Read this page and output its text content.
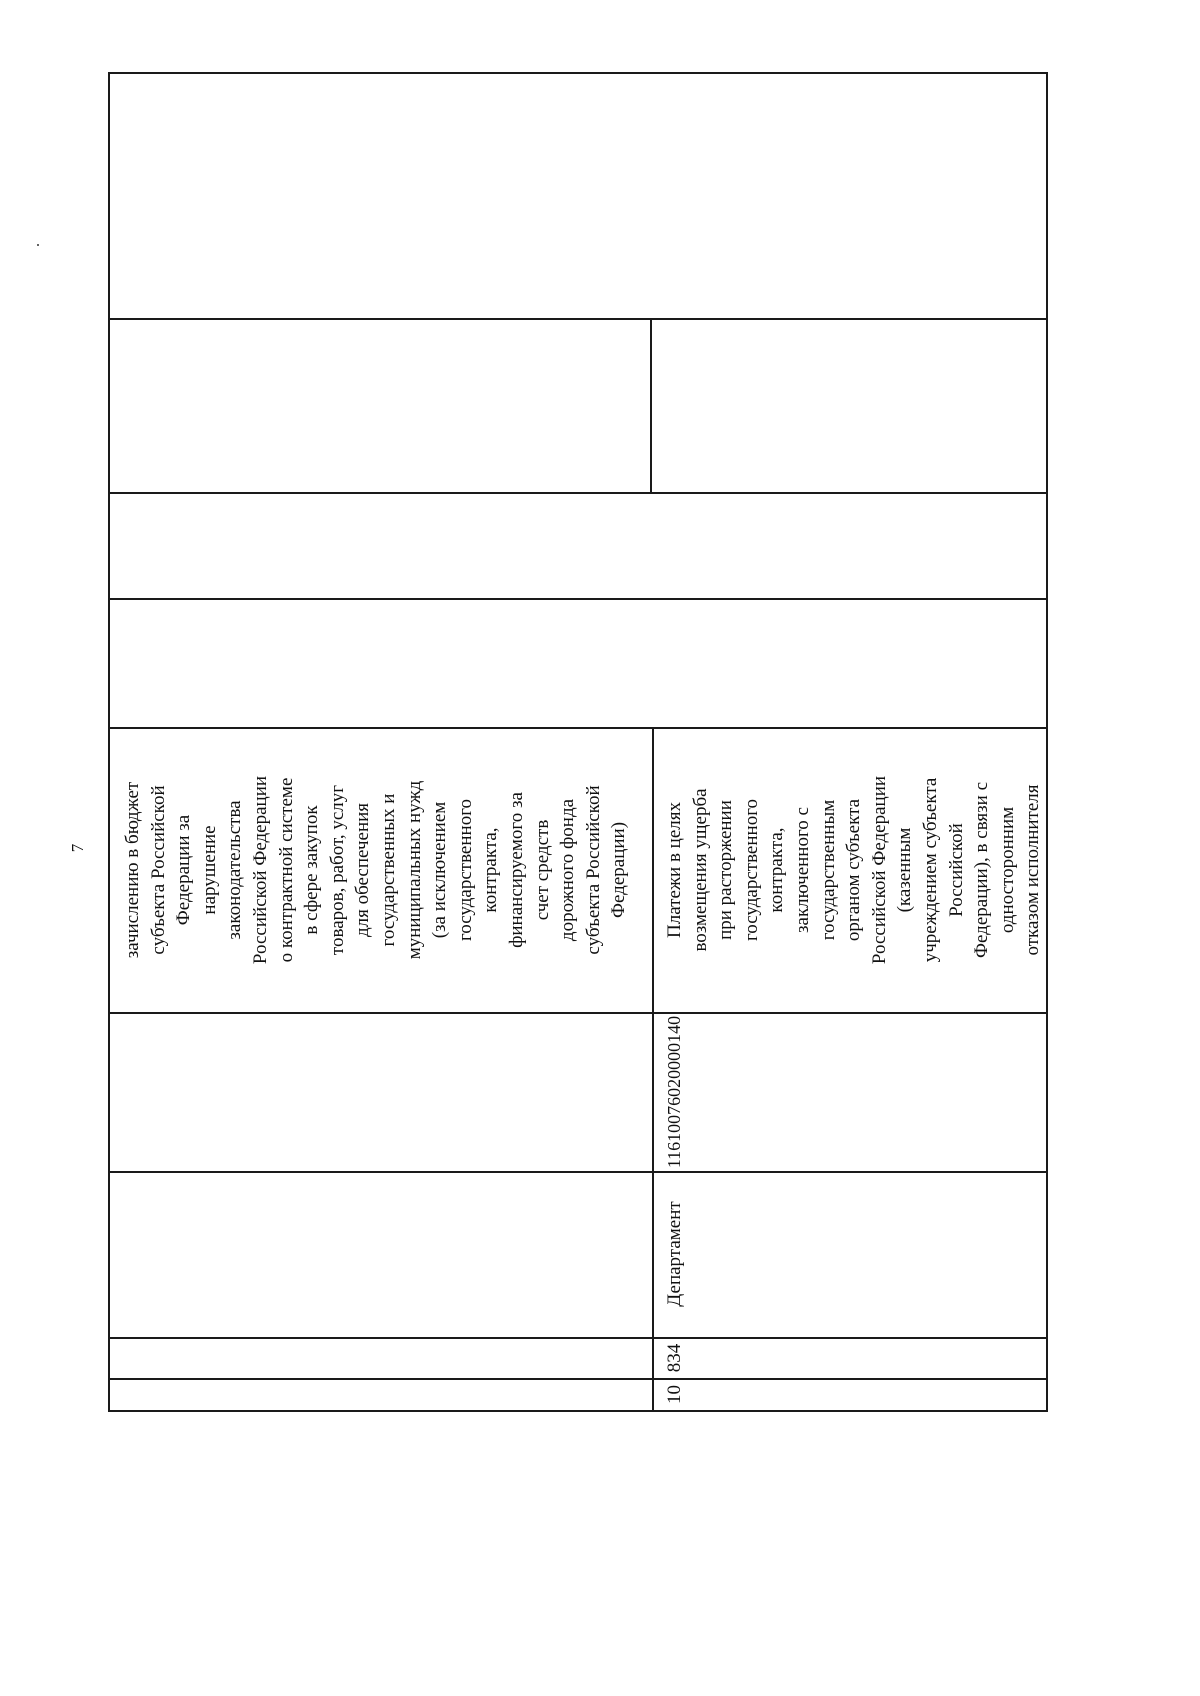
7	зачислению в бюджет субъекта Российской Федерации за нарушение законодательства Российской Федерации о контрактной системе в сфере закупок товаров, работ, услуг для обеспечения государственных и муниципальных нужд (за исключением государственного контракта, финансируемого за счет средств дорожного фонда субъекта Российской Федерации)
10
834
Департамент
11610076020000140
Платежи в целях возмещения ущерба при расторжении государственного контракта, заключенного с государственным органом субъекта Российской Федерации (казенным учреждением субъекта Российской Федерации), в связи с односторонним отказом исполнителя
